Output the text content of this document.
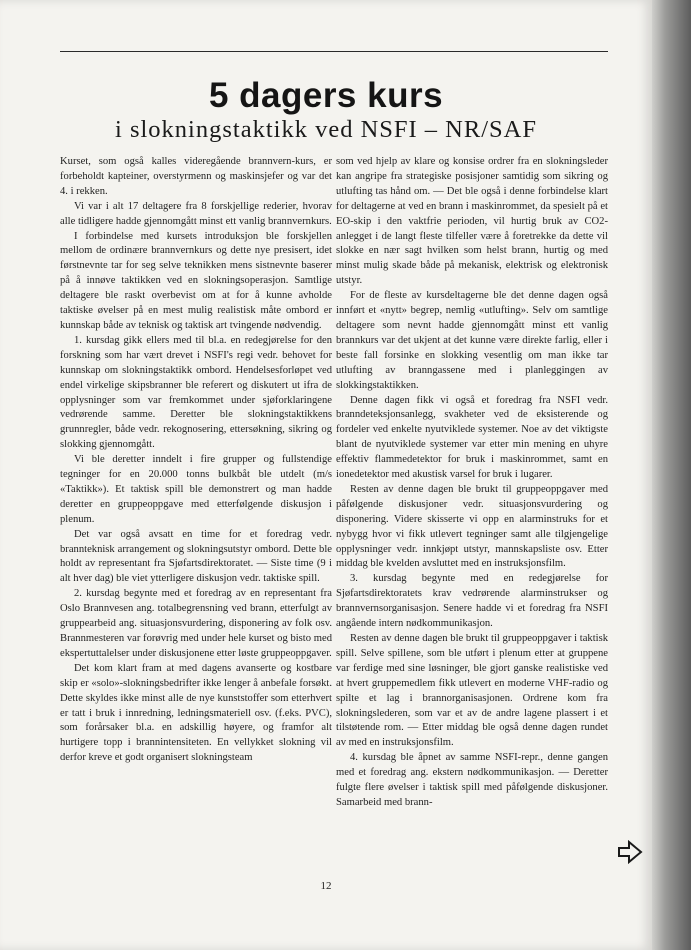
5 dagers kurs
i slokningstaktikk ved NSFI – NR/SAF

Kurset, som også kalles videregående brannvern-kurs, er forbeholdt kapteiner, overstyrmenn og maskinsjefer og var det 4. i rekken.

Vi var i alt 17 deltagere fra 8 forskjellige rederier, hvorav alle tidligere hadde gjennomgått minst ett vanlig brannvernkurs.

I forbindelse med kursets introduksjon ble forskjellen mellom de ordinære brannvernkurs og dette nye presisert, idet førstnevnte tar for seg selve teknikken mens sistnevnte baserer på å innøve taktikken ved en slokningsoperasjon. Samtlige deltagere ble raskt overbevist om at for å kunne avholde taktiske øvelser på en mest mulig realistisk måte ombord er kunnskap både av teknisk og taktisk art tvingende nødvendig.

1. kursdag gikk ellers med til bl.a. en redegjørelse for den forskning som har vært drevet i NSFI's regi vedr. behovet for kunnskap om slokningstaktikk ombord. Hendelsesforløpet ved endel virkelige skipsbranner ble referert og diskutert ut ifra de opplysninger som var fremkommet under sjøforklaringene vedrørende samme. Deretter ble slokningstaktikkens grunnregler, både vedr. rekognosering, ettersøkning, sikring og slokking gjennomgått.

Vi ble deretter inndelt i fire grupper og fullstendige tegninger for en 20.000 tonns bulkbåt ble utdelt (m/s «Taktikk»). Et taktisk spill ble demonstrert og man hadde deretter en gruppeoppgave med etterfølgende diskusjon i plenum.

Det var også avsatt en time for et foredrag vedr. brannteknisk arrangement og slokningsutstyr ombord. Dette ble holdt av representant fra Sjøfartsdirektoratet. — Siste time (9 i alt hver dag) ble viet ytterligere diskusjon vedr. taktiske spill.

2. kursdag begynte med et foredrag av en representant fra Oslo Brannvesen ang. totalbegrensning ved brann, etterfulgt av gruppearbeid ang. situasjonsvurdering, disponering av folk osv. Brannmesteren var forøvrig med under hele kurset og bisto med ekspertuttalelser under diskusjonene etter løste gruppeoppgaver.

Det kom klart fram at med dagens avanserte og kostbare skip er «solo»-slokningsbedrifter ikke lenger å anbefale forsøkt. Dette skyldes ikke minst alle de nye kunststoffer som etterhvert er tatt i bruk i innredning, ledningsmateriell osv. (f.eks. PVC), som forårsaker bl.a. en adskillig høyere, og framfor alt hurtigere topp i brannintensiteten. En vellykket slokning vil derfor kreve et godt organisert slokningsteam

som ved hjelp av klare og konsise ordrer fra en slokningsleder kan angripe fra strategiske posisjoner samtidig som sikring og utlufting tas hånd om. — Det ble også i denne forbindelse klart for deltagerne at ved en brann i maskinrommet, da spesielt på et EO-skip i den vaktfrie perioden, vil hurtig bruk av CO2-anlegget i de langt fleste tilfeller være å foretrekke da dette vil slokke en nær sagt hvilken som helst brann, hurtig og med minst mulig skade både på mekanisk, elektrisk og elektronisk utstyr.

For de fleste av kursdeltagerne ble det denne dagen også innført et «nytt» begrep, nemlig «utlufting». Selv om samtlige deltagere som nevnt hadde gjennomgått minst ett vanlig brannkurs var det ukjent at det kunne være direkte farlig, eller i beste fall forsinke en slokking vesentlig om man ikke tar utlufting av branngassene med i planleggingen av slokkingstaktikken.

Denne dagen fikk vi også et foredrag fra NSFI vedr. branndeteksjonsanlegg, svakheter ved de eksisterende og fordeler ved enkelte nyutviklede systemer. Noe av det viktigste blant de nyutviklede systemer var etter min mening en uhyre effektiv flammedetektor for bruk i maskinrommet, samt en ionedetektor med akustisk varsel for bruk i lugarer.

Resten av denne dagen ble brukt til gruppeoppgaver med påfølgende diskusjoner vedr. situasjonsvurdering og disponering. Videre skisserte vi opp en alarminstruks for et nybygg hvor vi fikk utlevert tegninger samt alle tilgjengelige opplysninger vedr. innkjøpt utstyr, mannskapsliste osv. Etter middag ble kvelden avsluttet med en instruksjonsfilm.

3. kursdag begynte med en redegjørelse for Sjøfartsdirektoratets krav vedrørende alarminstrukser og brannvernsorganisasjon. Senere hadde vi et foredrag fra NSFI angående intern nødkommunikasjon.

Resten av denne dagen ble brukt til gruppeoppgaver i taktisk spill. Selve spillene, som ble utført i plenum etter at gruppene var ferdige med sine løsninger, ble gjort ganske realistiske ved at hvert gruppemedlem fikk utlevert en moderne VHF-radio og spilte et lag i brannorganisasjonen. Ordrene kom fra slokningslederen, som var et av de andre lagene plassert i et tilstøtende rom. — Etter middag ble også denne dagen rundet av med en instruksjonsfilm.

4. kursdag ble åpnet av samme NSFI-repr., denne gangen med et foredrag ang. ekstern nødkommunikasjon. — Deretter fulgte flere øvelser i taktisk spill med påfølgende diskusjoner. Samarbeid med brann-

12
